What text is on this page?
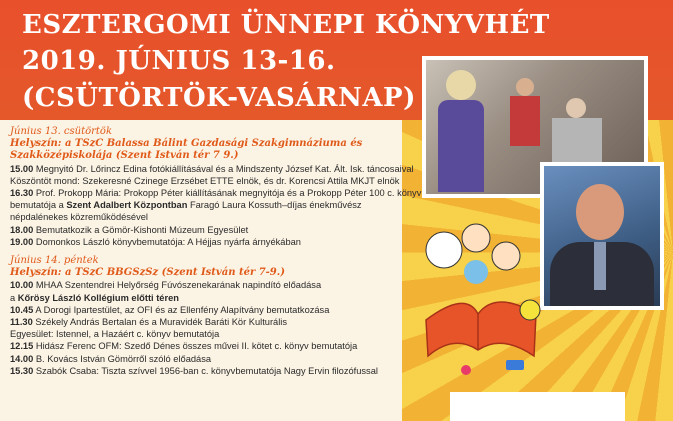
ESZTERGOMI ÜNNEPI KÖNYVHÉT
2019. JÚNIUS 13-16.
(CSÜTÖRTÖK-VASÁRNAP)
Június 13. csütörtök
Helyszín: a TSzC Balassa Bálint Gazdasági Szakgimnáziuma és
Szakközépiskolája (Szent István tér 7 9.)
15.00 Megnyitó Dr. Lőrincz Edina fotókiállításával és a Mindszenty József Kat. Ált. Isk. táncosaival
Köszöntöt mond: Szekeresné Czinege Erzsébet ETTE elnök, és dr. Korencsi Attila MKJT elnök
16.30 Prof. Prokopp Mária: Prokopp Péter kiállításának megnyitója és a Prokopp Péter 100 c. könyv
bemutatója a Szent Adalbert Központban Faragó Laura Kossuth–díjas énekművész
népdalénekes közreműködésével
18.00 Bemutatkozik a Gömör-Kishonti Múzeum Egyesület
19.00 Domonkos László könyvbemutatója: A Héjjas nyárfa árnyékában
Június 14. péntek
Helyszín: a TSzC BBGSzSz (Szent István tér 7-9.)
10.00 MHAA Szentendrei Helyőrség Fúvószenekarának napindító előadása
a Kőrösy László Kollégium előtti téren
10.45 A Dorogi Ipartestület, az OFI és az Ellenfény Alapítvány bemutatkozása
11.30 Székely András Bertalan és a Muravidék Baráti Kör Kulturális
Egyesület: Istennel, a Hazáért c. könyv bemutatója
12.15 Hidász Ferenc OFM: Szedő Dénes összes művei II. kötet c. könyv bemutatója
14.00 B. Kovács István Gömörről szóló előadása
15.30 Szabók Csaba: Tiszta szívvel 1956-ban c. könyvbemutatója Nagy Ervin filozófussal
